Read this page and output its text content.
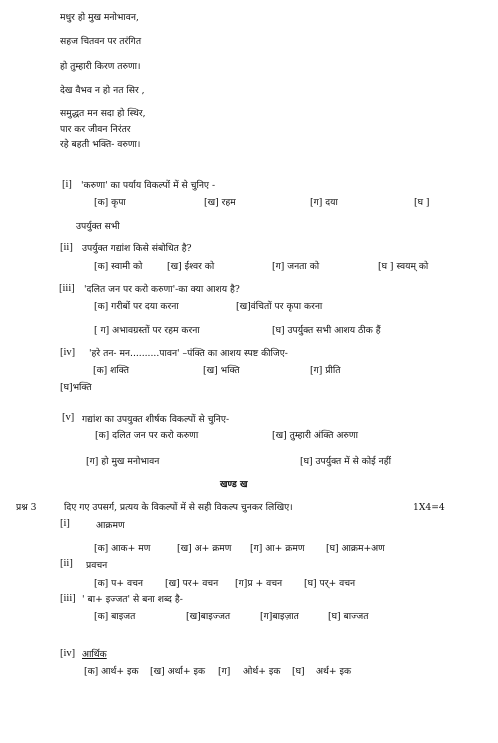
मधुर हो मुख मनोभावन,
सहज चितवन पर तरंगित
हो तुम्हारी किरण तरुणा।
देख वैभव न हो नत सिर ,
समुद्धत मन सदा हो स्थिर,
पार कर जीवन निरंतर
रहे बहती भक्ति- वरुणा।
[i] 'करुणा' का पर्याय विकल्पों में से चुनिए -
[क] कृपा	[ख] रहम	[ग] दया	[घ ]
उपर्युक्त सभी
[ii] उपर्युक्त गद्यांश किसे संबोधित है?
[क] स्वामी को	[ख] ईश्वर को	[ग] जनता को	[घ ] स्वयम् को
[iii] 'दलित जन पर करो करुणा'-का क्या आशय है?
[क] गरीबों पर दया करना	[ख]वंचितों पर कृपा करना
[ ग] अभावग्रस्तों पर रहम करना	[घ] उपर्युक्त सभी आशय ठीक हैं
[iv] 'हरे तन- मन..........पावन' –पंक्ति का आशय स्पष्ट कीजिए-
[क] शक्ति	[ख] भक्ति	[ग] प्रीति
[घ]भक्ति
[v] गद्यांश का उपयुक्त शीर्षक विकल्पों से चुनिए-
[क] दलित जन पर करो करुणा	[ख] तुम्हारी अंक्ति अरुणा
[ग] हो मुख मनोभावन	[घ] उपर्युक्त में से कोई नहीं
खण्ड ख
प्रश्न 3	दिए गए उपसर्ग, प्रत्यय के विकल्पों में से सही विकल्प चुनकर लिखिए।	1X4=4
[i]	आक्रमण
[क] आक+ मण	[ख] अ+ क्रमण [ग] आ+ क्रमण [घ] आक्रम+अण
[ii] प्रवचन
[क] प+ वचन [ख] पर+ वचन [ग]प्र + वचन [घ] पर्+ वचन
[iii] ' बा+ इज्जत' से बना शब्द है-
[क] बाइजत	[ख]बाइज्जत	[ग]बाइज़ात	[घ] बाज्जत
[iv] आर्थिक
[क] आर्थ+ इक [ख] अर्था+ इक [ग] ओर्थ+ इक [घ] अर्थ+ इक
